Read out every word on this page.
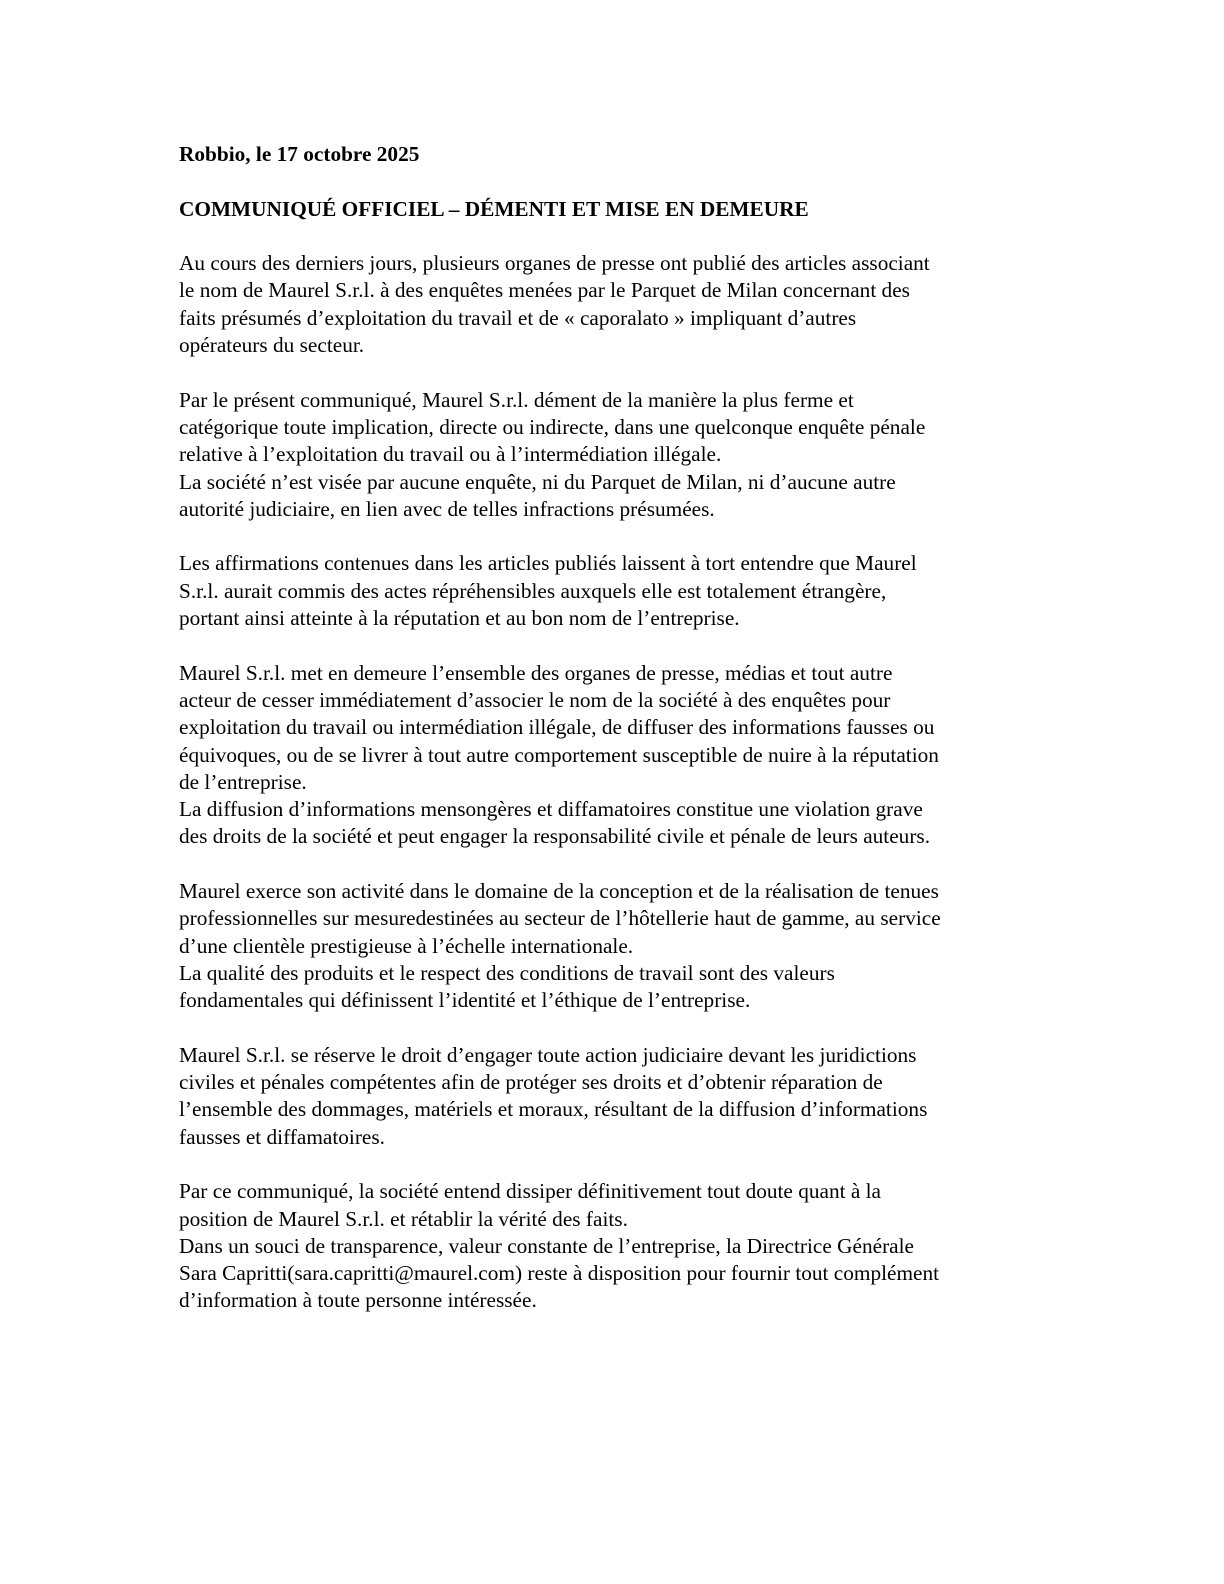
Robbio, le 17 octobre 2025

COMMUNIQUÉ OFFICIEL – DÉMENTI ET MISE EN DEMEURE

Au cours des derniers jours, plusieurs organes de presse ont publié des articles associant
le nom de Maurel S.r.l. à des enquêtes menées par le Parquet de Milan concernant des
faits présumés d’exploitation du travail et de « caporalato » impliquant d’autres
opérateurs du secteur.

Par le présent communiqué, Maurel S.r.l. dément de la manière la plus ferme et
catégorique toute implication, directe ou indirecte, dans une quelconque enquête pénale
relative à l’exploitation du travail ou à l’intermédiation illégale.
La société n’est visée par aucune enquête, ni du Parquet de Milan, ni d’aucune autre
autorité judiciaire, en lien avec de telles infractions présumées.

Les affirmations contenues dans les articles publiés laissent à tort entendre que Maurel
S.r.l. aurait commis des actes répréhensibles auxquels elle est totalement étrangère,
portant ainsi atteinte à la réputation et au bon nom de l’entreprise.

Maurel S.r.l. met en demeure l’ensemble des organes de presse, médias et tout autre
acteur de cesser immédiatement d’associer le nom de la société à des enquêtes pour
exploitation du travail ou intermédiation illégale, de diffuser des informations fausses ou
équivoques, ou de se livrer à tout autre comportement susceptible de nuire à la réputation
de l’entreprise.
La diffusion d’informations mensongères et diffamatoires constitue une violation grave
des droits de la société et peut engager la responsabilité civile et pénale de leurs auteurs.

Maurel exerce son activité dans le domaine de la conception et de la réalisation de tenues
professionnelles sur mesuredestinées au secteur de l’hôtellerie haut de gamme, au service
d’une clientèle prestigieuse à l’échelle internationale.
La qualité des produits et le respect des conditions de travail sont des valeurs
fondamentales qui définissent l’identité et l’éthique de l’entreprise.

Maurel S.r.l. se réserve le droit d’engager toute action judiciaire devant les juridictions
civiles et pénales compétentes afin de protéger ses droits et d’obtenir réparation de
l’ensemble des dommages, matériels et moraux, résultant de la diffusion d’informations
fausses et diffamatoires.

Par ce communiqué, la société entend dissiper définitivement tout doute quant à la
position de Maurel S.r.l. et rétablir la vérité des faits.
Dans un souci de transparence, valeur constante de l’entreprise, la Directrice Générale
Sara Capritti(sara.capritti@maurel.com) reste à disposition pour fournir tout complément
d’information à toute personne intéressée.
